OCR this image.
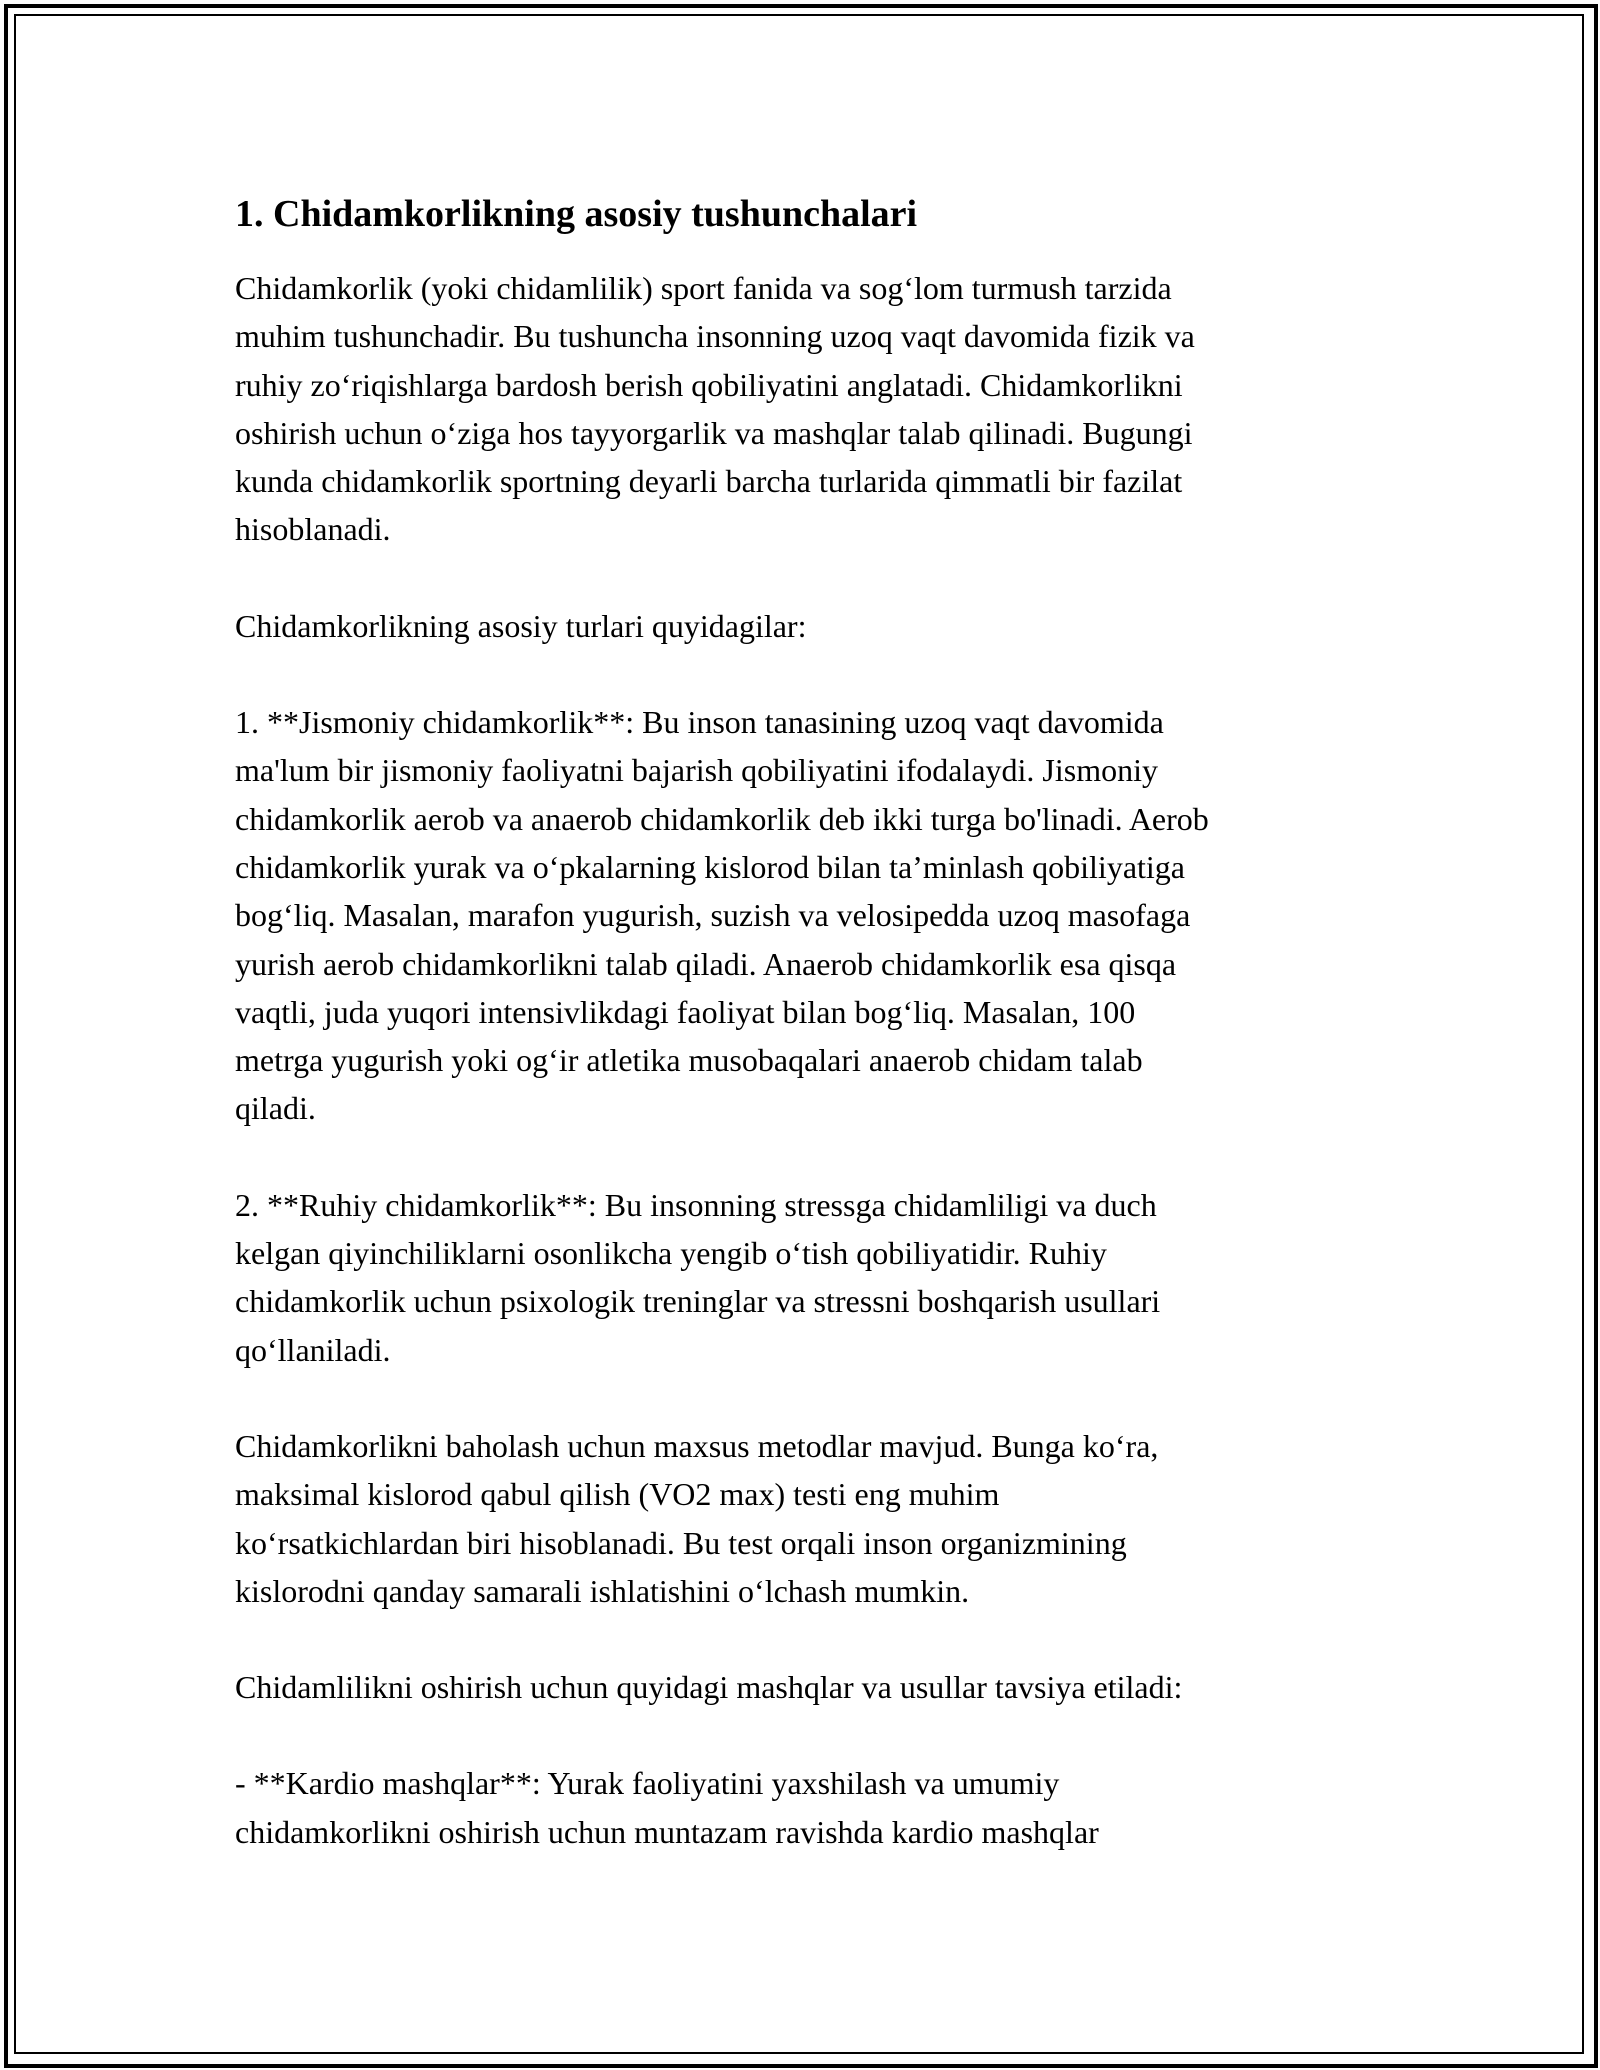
1. Chidamkorlikning asosiy tushunchalari

Chidamkorlik (yoki chidamlilik) sport fanida va sog‘lom turmush tarzida
muhim tushunchadir. Bu tushuncha insonning uzoq vaqt davomida fizik va
ruhiy zo‘riqishlarga bardosh berish qobiliyatini anglatadi. Chidamkorlikni
oshirish uchun o‘ziga hos tayyorgarlik va mashqlar talab qilinadi. Bugungi
kunda chidamkorlik sportning deyarli barcha turlarida qimmatli bir fazilat
hisoblanadi.

Chidamkorlikning asosiy turlari quyidagilar:

1. **Jismoniy chidamkorlik**: Bu inson tanasining uzoq vaqt davomida
ma'lum bir jismoniy faoliyatni bajarish qobiliyatini ifodalaydi. Jismoniy
chidamkorlik aerob va anaerob chidamkorlik deb ikki turga bo'linadi. Aerob
chidamkorlik yurak va o‘pkalarning kislorod bilan ta’minlash qobiliyatiga
bog‘liq. Masalan, marafon yugurish, suzish va velosipedda uzoq masofaga
yurish aerob chidamkorlikni talab qiladi. Anaerob chidamkorlik esa qisqa
vaqtli, juda yuqori intensivlikdagi faoliyat bilan bog‘liq. Masalan, 100
metrga yugurish yoki og‘ir atletika musobaqalari anaerob chidam talab
qiladi.

2. **Ruhiy chidamkorlik**: Bu insonning stressga chidamliligi va duch
kelgan qiyinchiliklarni osonlikcha yengib o‘tish qobiliyatidir. Ruhiy
chidamkorlik uchun psixologik treninglar va stressni boshqarish usullari
qo‘llaniladi.

Chidamkorlikni baholash uchun maxsus metodlar mavjud. Bunga ko‘ra,
maksimal kislorod qabul qilish (VO2 max) testi eng muhim
ko‘rsatkichlardan biri hisoblanadi. Bu test orqali inson organizmining
kislorodni qanday samarali ishlatishini o‘lchash mumkin.

Chidamlilikni oshirish uchun quyidagi mashqlar va usullar tavsiya etiladi:

- **Kardio mashqlar**: Yurak faoliyatini yaxshilash va umumiy
chidamkorlikni oshirish uchun muntazam ravishda kardio mashqlar
